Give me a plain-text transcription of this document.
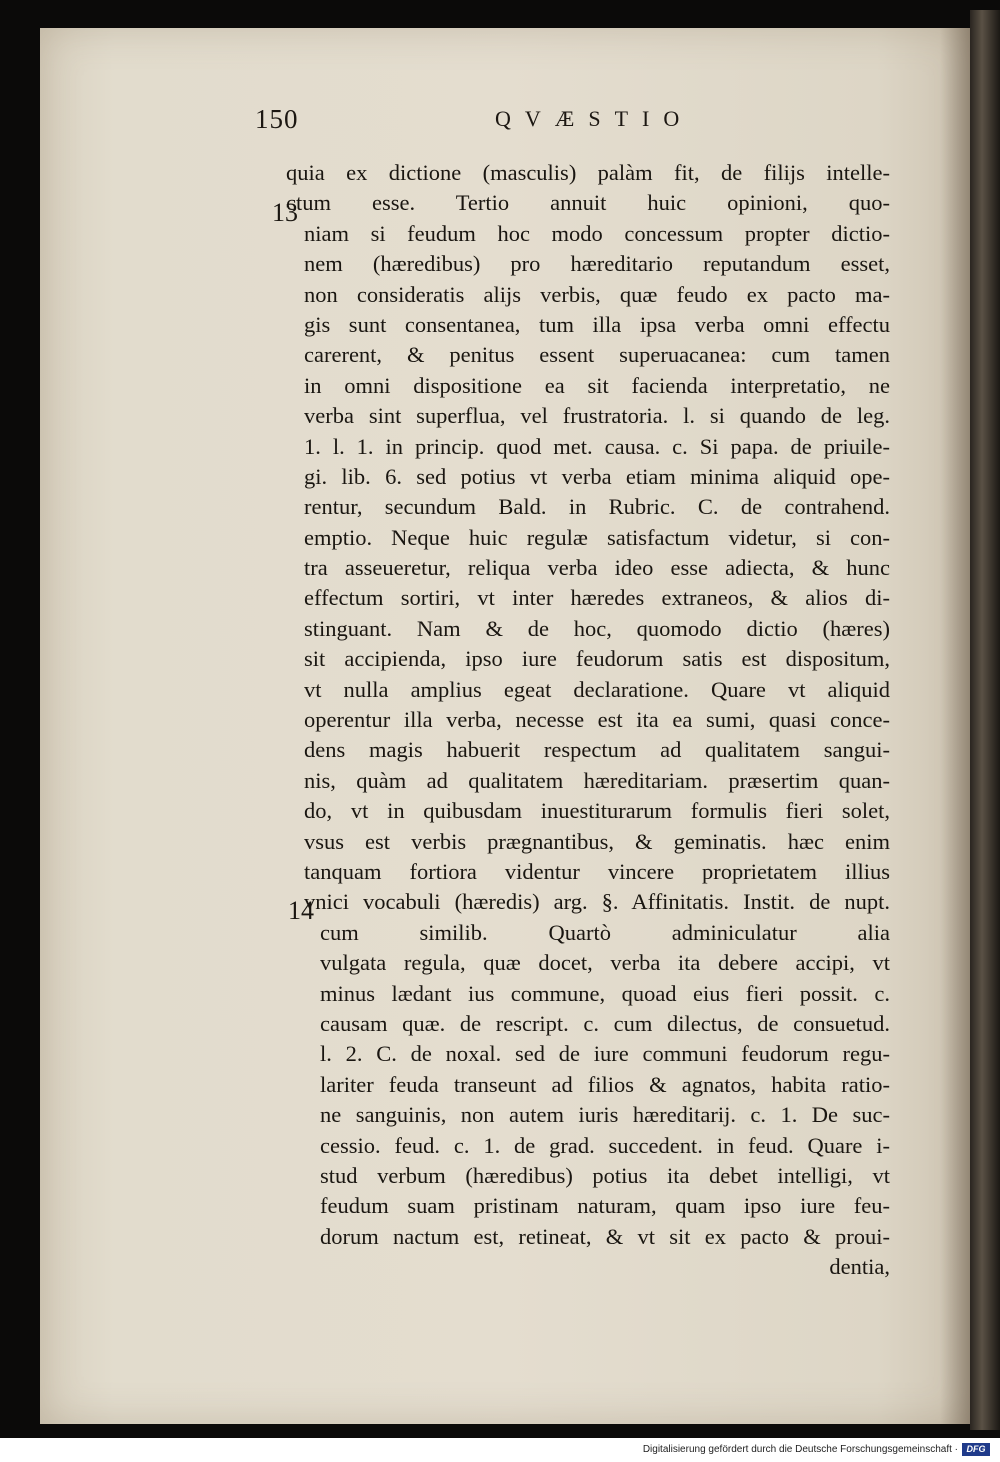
150	QVÆSTIO
13
14
quia ex dictione (masculis) palàm fit, de filijs intelle-
ctum esse. Tertio annuit huic opinioni, quo-
niam si feudum hoc modo concessum propter dictio-
nem (hæredibus) pro hæreditario reputandum esset,
non consideratis alijs verbis, quæ feudo ex pacto ma-
gis sunt consentanea, tum illa ipsa verba omni effectu
carerent, & penitus essent superuacanea: cum tamen
in omni dispositione ea sit facienda interpretatio, ne
verba sint superflua, vel frustratoria. l. si quando de leg.
1. l. 1. in princip. quod met. causa. c. Si papa. de priuile-
gi. lib. 6. sed potius vt verba etiam minima aliquid ope-
rentur, secundum Bald. in Rubric. C. de contrahend.
emptio. Neque huic regulæ satisfactum videtur, si con-
tra asseueretur, reliqua verba ideo esse adiecta, & hunc
effectum sortiri, vt inter hæredes extraneos, & alios di-
stinguant. Nam & de hoc, quomodo dictio (hæres)
sit accipienda, ipso iure feudorum satis est dispositum,
vt nulla amplius egeat declaratione. Quare vt aliquid
operentur illa verba, necesse est ita ea sumi, quasi conce-
dens magis habuerit respectum ad qualitatem sangui-
nis, quàm ad qualitatem hæreditariam. præsertim quan-
do, vt in quibusdam inuestiturarum formulis fieri solet,
vsus est verbis prægnantibus, & geminatis. hæc enim
tanquam fortiora videntur vincere proprietatem illius
vnici vocabuli (hæredis) arg. §. Affinitatis. Instit. de nupt.
cum similib. Quartò adminiculatur alia
vulgata regula, quæ docet, verba ita debere accipi, vt
minus lædant ius commune, quoad eius fieri possit. c.
causam quæ. de rescript. c. cum dilectus, de consuetud.
l. 2. C. de noxal. sed de iure communi feudorum regu-
lariter feuda transeunt ad filios & agnatos, habita ratio-
ne sanguinis, non autem iuris hæreditarij. c. 1. De suc-
cessio. feud. c. 1. de grad. succedent. in feud. Quare i-
stud verbum (hæredibus) potius ita debet intelligi, vt
feudum suam pristinam naturam, quam ipso iure feu-
dorum nactum est, retineat, & vt sit ex pacto & proui-
dentia,
Digitalisierung gefördert durch die Deutsche Forschungsgemeinschaft · DFG
